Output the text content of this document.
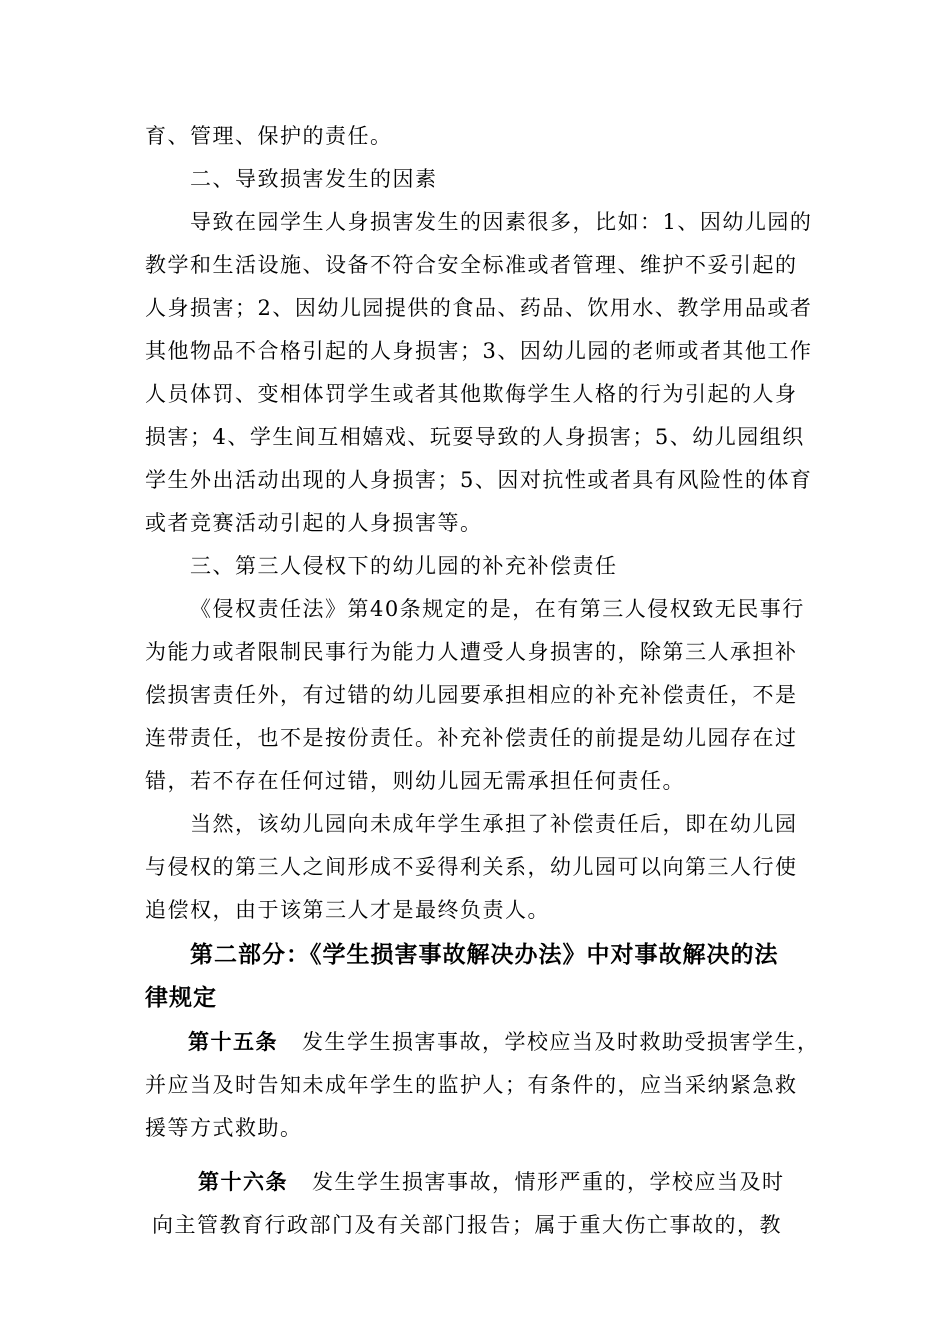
育、管理、保护的责任。
二、导致损害发生的因素
导致在园学生人身损害发生的因素很多，比如：1、因幼儿园的
教学和生活设施、设备不符合安全标准或者管理、维护不妥引起的
人身损害；2、因幼儿园提供的食品、药品、饮用水、教学用品或者
其他物品不合格引起的人身损害；3、因幼儿园的老师或者其他工作
人员体罚、变相体罚学生或者其他欺侮学生人格的行为引起的人身
损害；4、学生间互相嬉戏、玩耍导致的人身损害；5、幼儿园组织
学生外出活动出现的人身损害；5、因对抗性或者具有风险性的体育
或者竞赛活动引起的人身损害等。
三、第三人侵权下的幼儿园的补充补偿责任
《侵权责任法》第40条规定的是，在有第三人侵权致无民事行
为能力或者限制民事行为能力人遭受人身损害的，除第三人承担补
偿损害责任外，有过错的幼儿园要承担相应的补充补偿责任，不是
连带责任，也不是按份责任。补充补偿责任的前提是幼儿园存在过
错，若不存在任何过错，则幼儿园无需承担任何责任。
当然，该幼儿园向未成年学生承担了补偿责任后，即在幼儿园
与侵权的第三人之间形成不妥得利关系，幼儿园可以向第三人行使
追偿权，由于该第三人才是最终负责人。
第二部分：《学生损害事故解决办法》中对事故解决的法
律规定
第十五条 发生学生损害事故，学校应当及时救助受损害学生，
并应当及时告知未成年学生的监护人；有条件的，应当采纳紧急救
援等方式救助。
第十六条 发生学生损害事故，情形严重的，学校应当及时
向主管教育行政部门及有关部门报告；属于重大伤亡事故的，教
